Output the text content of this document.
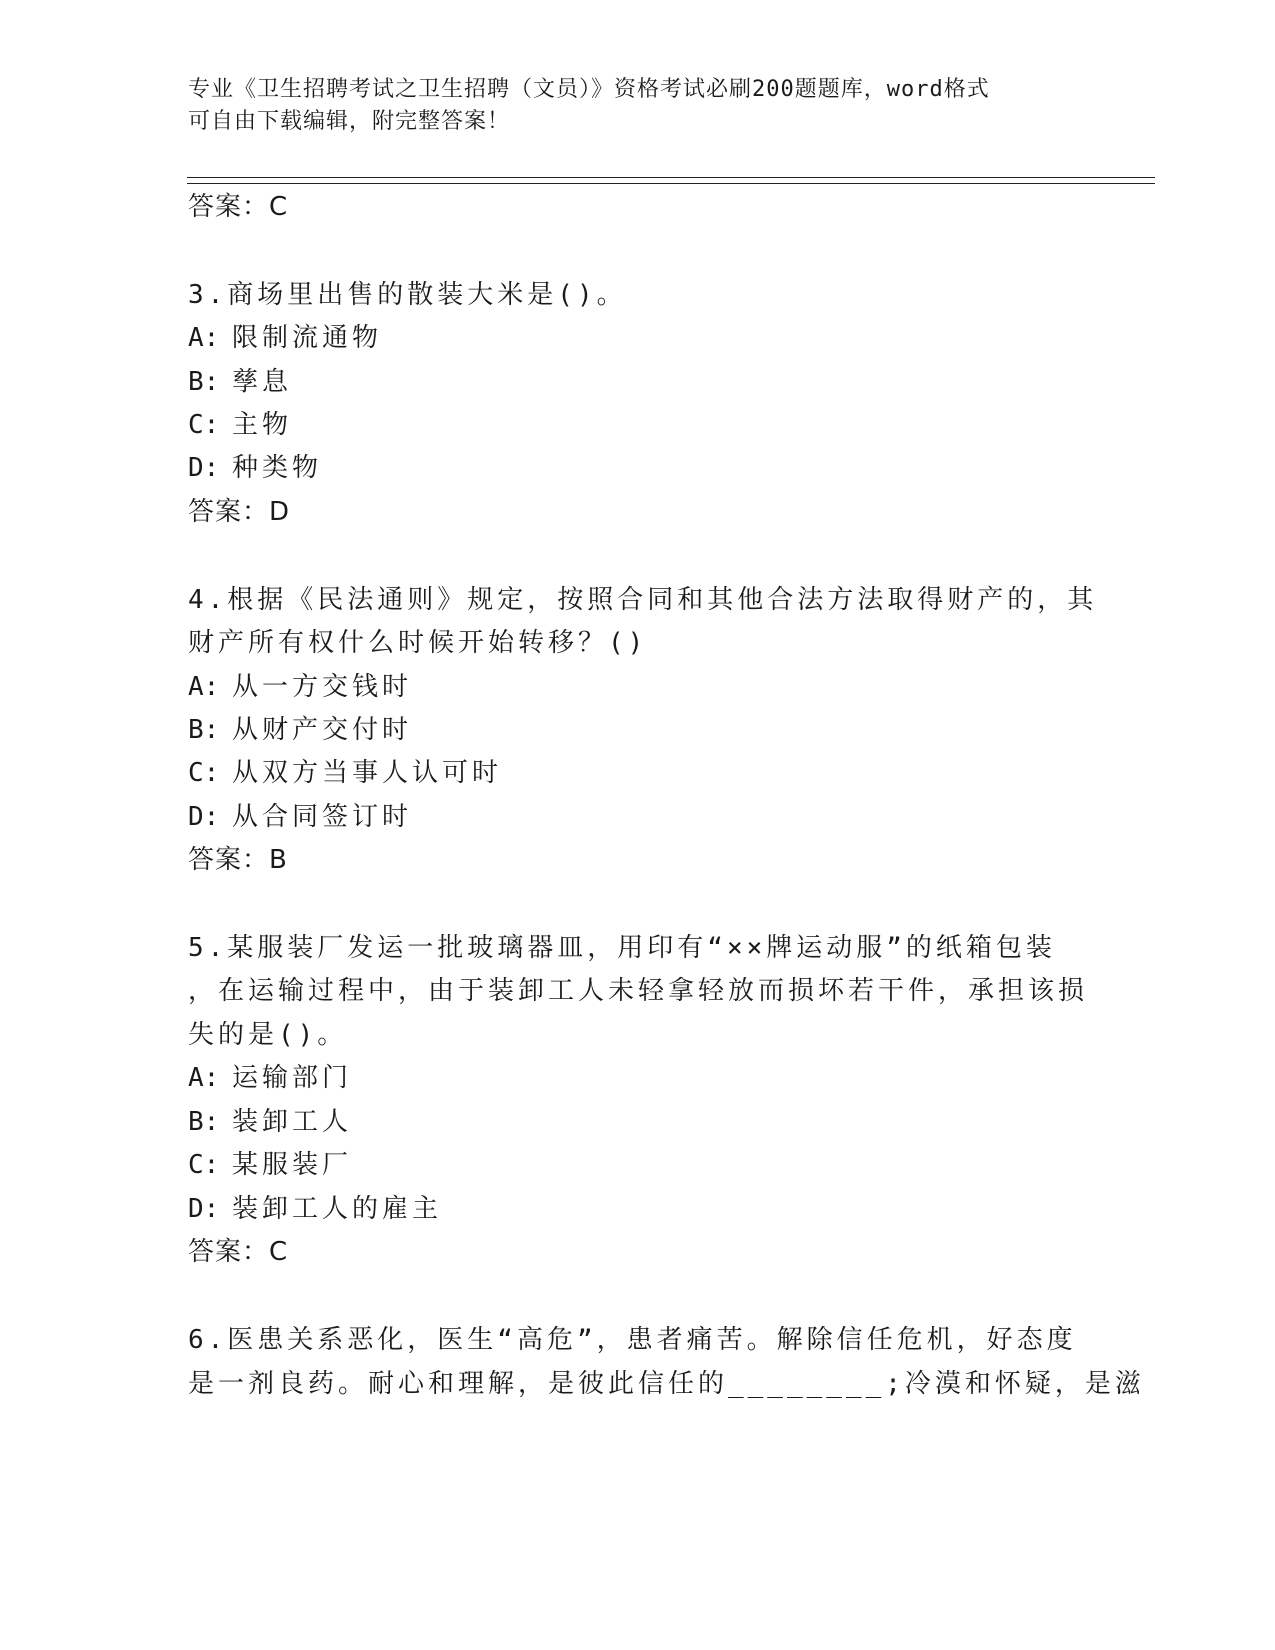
专业《卫生招聘考试之卫生招聘（文员）》资格考试必刷200题题库，word格式
可自由下载编辑，附完整答案！
答案：C
3.商场里出售的散装大米是()。
A: 限制流通物
B: 孳息
C: 主物
D: 种类物
答案：D
4.根据《民法通则》规定，按照合同和其他合法方法取得财产的，其
财产所有权什么时候开始转移？()
A: 从一方交钱时
B: 从财产交付时
C: 从双方当事人认可时
D: 从合同签订时
答案：B
5.某服装厂发运一批玻璃器皿，用印有“××牌运动服”的纸箱包装
，在运输过程中，由于装卸工人未轻拿轻放而损坏若干件，承担该损
失的是()。
A: 运输部门
B: 装卸工人
C: 某服装厂
D: 装卸工人的雇主
答案：C
6.医患关系恶化，医生“高危”，患者痛苦。解除信任危机，好态度
是一剂良药。耐心和理解，是彼此信任的________;冷漠和怀疑，是滋
